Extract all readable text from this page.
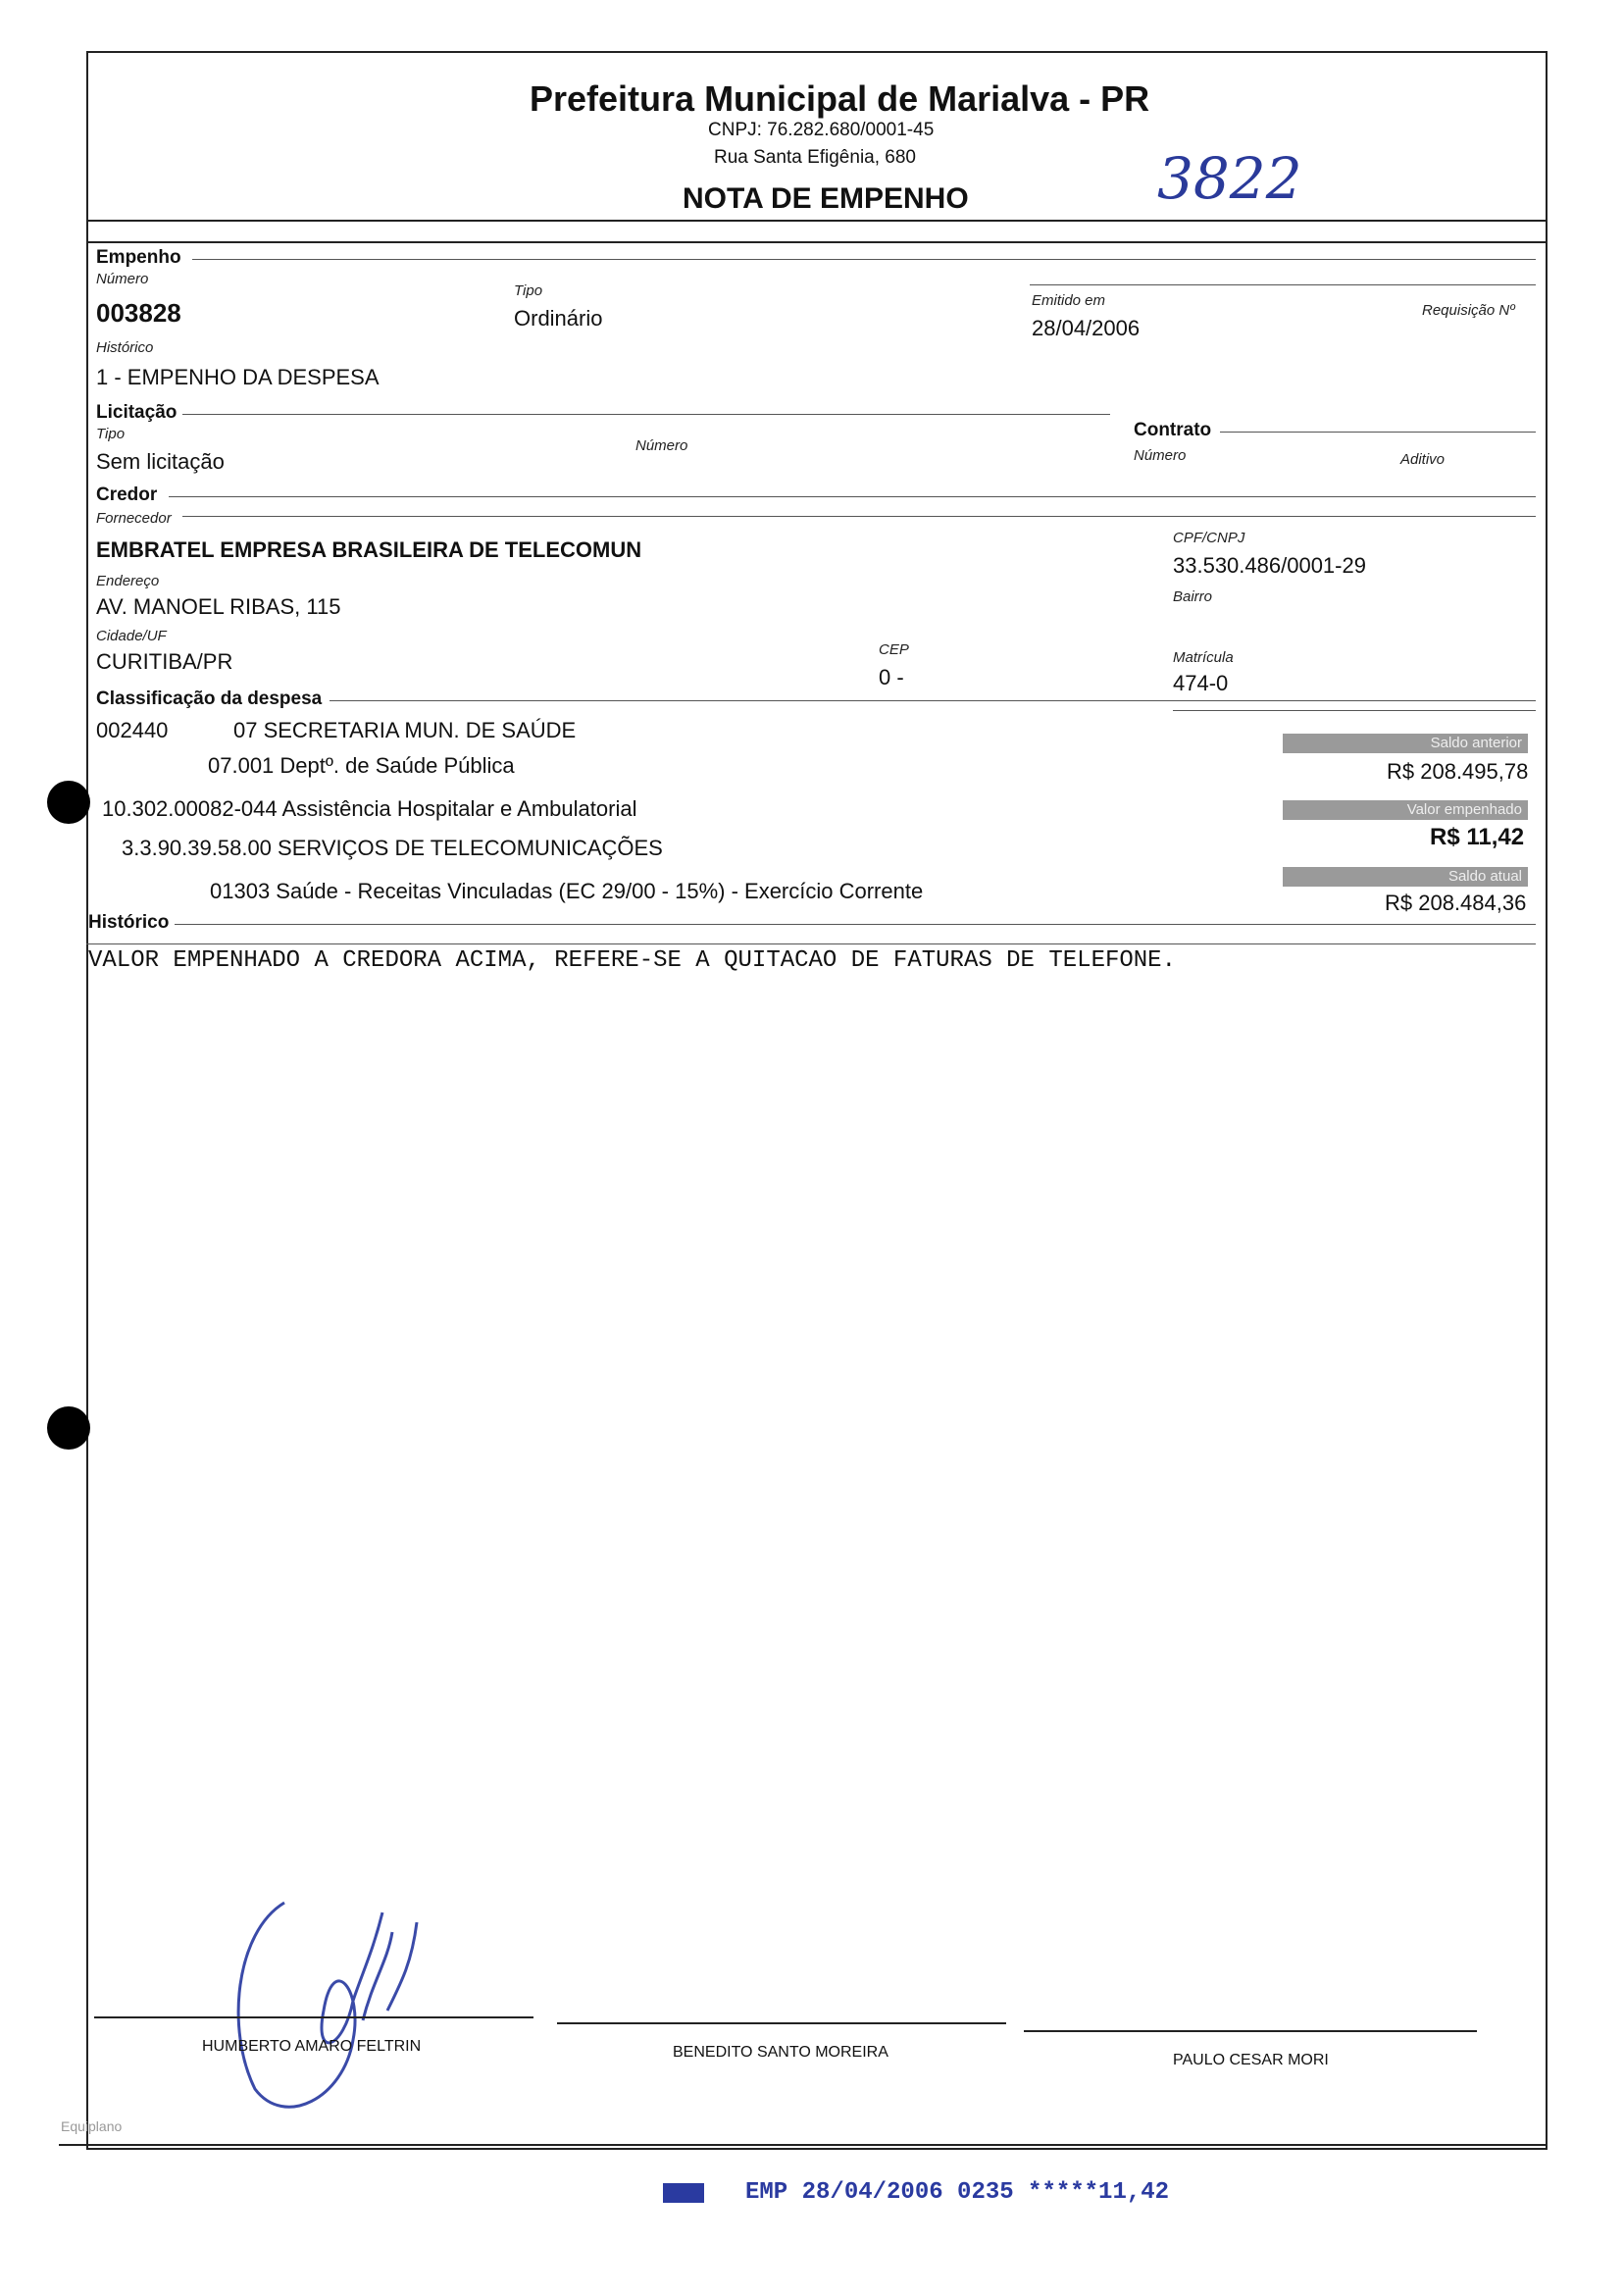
Prefeitura Municipal de Marialva - PR
CNPJ: 76.282.680/0001-45
Rua Santa Efigênia, 680
NOTA DE EMPENHO	3822
Empenho
Número
003828
Tipo
Ordinário
Emitido em
28/04/2006
Requisição Nº
Histórico
1 - EMPENHO DA DESPESA
Licitação
Tipo
Sem licitação
Número
Contrato
Número	Aditivo
Credor
Fornecedor
EMBRATEL EMPRESA BRASILEIRA DE TELECOMUN	CPF/CNPJ
33.530.486/0001-29
Endereço
AV. MANOEL RIBAS, 115	Bairro
Cidade/UF
CURITIBA/PR	CEP
0 -
Matrícula
474-0
Classificação da despesa
002440	07 SECRETARIA MUN. DE SAÚDE
07.001 Deptº. de Saúde Pública
10.302.00082-044 Assistência Hospitalar e Ambulatorial
3.3.90.39.58.00 SERVIÇOS DE TELECOMUNICAÇÕES
01303 Saúde - Receitas Vinculadas (EC 29/00 - 15%) - Exercício Corrente
Saldo anterior
R$ 208.495,78
Valor empenhado
R$ 11,42
Saldo atual
R$ 208.484,36
Histórico
VALOR EMPENHADO A CREDORA ACIMA, REFERE-SE A QUITACAO DE FATURAS DE TELEFONE.
HUMBERTO AMARO FELTRIN	BENEDITO SANTO MOREIRA	PAULO CESAR MORI
Equiplano
EMP 28/04/2006 0235 *****11,42
